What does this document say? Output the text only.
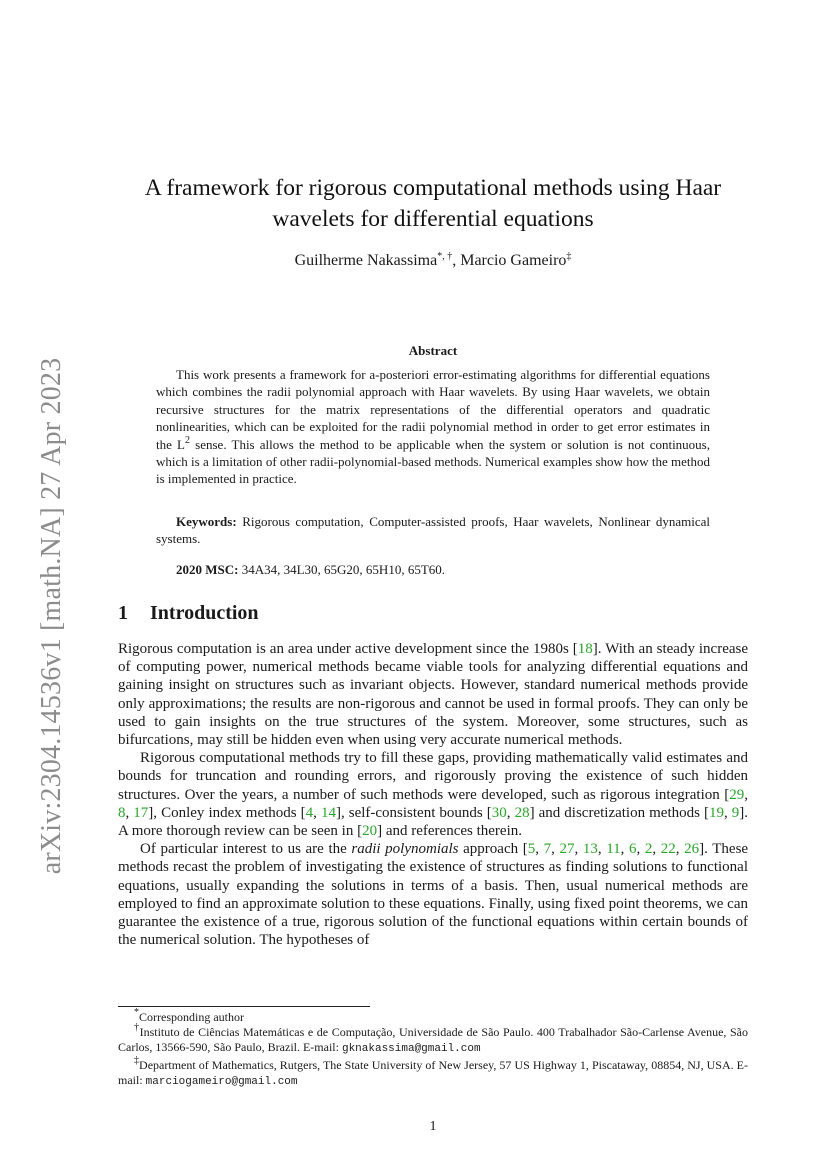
arXiv:2304.14536v1 [math.NA] 27 Apr 2023
A framework for rigorous computational methods using Haar
wavelets for differential equations
Guilherme Nakassima*, †, Marcio Gameiro‡
Abstract
This work presents a framework for a-posteriori error-estimating algorithms for differential equations which combines the radii polynomial approach with Haar wavelets. By using Haar wavelets, we obtain recursive structures for the matrix representations of the differential operators and quadratic nonlinearities, which can be exploited for the radii polynomial method in order to get error estimates in the $L^2$ sense. This allows the method to be applicable when the system or solution is not continuous, which is a limitation of other radii-polynomial-based methods. Numerical examples show how the method is implemented in practice.
Keywords: Rigorous computation, Computer-assisted proofs, Haar wavelets, Nonlinear dynamical systems.
2020 MSC: 34A34, 34L30, 65G20, 65H10, 65T60.
1 Introduction

Rigorous computation is an area under active development since the 1980s [18]. With an steady increase of computing power, numerical methods became viable tools for analyzing differential equations and gaining insight on structures such as invariant objects. However, standard numerical methods provide only approximations; the results are non-rigorous and cannot be used in formal proofs. They can only be used to gain insights on the true structures of the system. Moreover, some structures, such as bifurcations, may still be hidden even when using very accurate numerical methods.

Rigorous computational methods try to fill these gaps, providing mathematically valid estimates and bounds for truncation and rounding errors, and rigorously proving the existence of such hidden structures. Over the years, a number of such methods were developed, such as rigorous integration [29, 8, 17], Conley index methods [4, 14], self-consistent bounds [30, 28] and discretization methods [19, 9]. A more thorough review can be seen in [20] and references therein.

Of particular interest to us are the radii polynomials approach [5, 7, 27, 13, 11, 6, 2, 22, 26]. These methods recast the problem of investigating the existence of structures as finding solutions to functional equations, usually expanding the solutions in terms of a basis. Then, usual numerical methods are employed to find an approximate solution to these equations. Finally, using fixed point theorems, we can guarantee the existence of a true, rigorous solution of the functional equations within certain bounds of the numerical solution. The hypotheses of

*Corresponding author

†Instituto de Ciências Matemáticas e de Computação, Universidade de São Paulo. 400 Trabalhador São-Carlense Avenue, São Carlos, 13566-590, São Paulo, Brazil. E-mail: gknakassima@gmail.com

‡Department of Mathematics, Rutgers, The State University of New Jersey, 57 US Highway 1, Piscataway, 08854, NJ, USA. E-mail: marciogameiro@gmail.com

1
